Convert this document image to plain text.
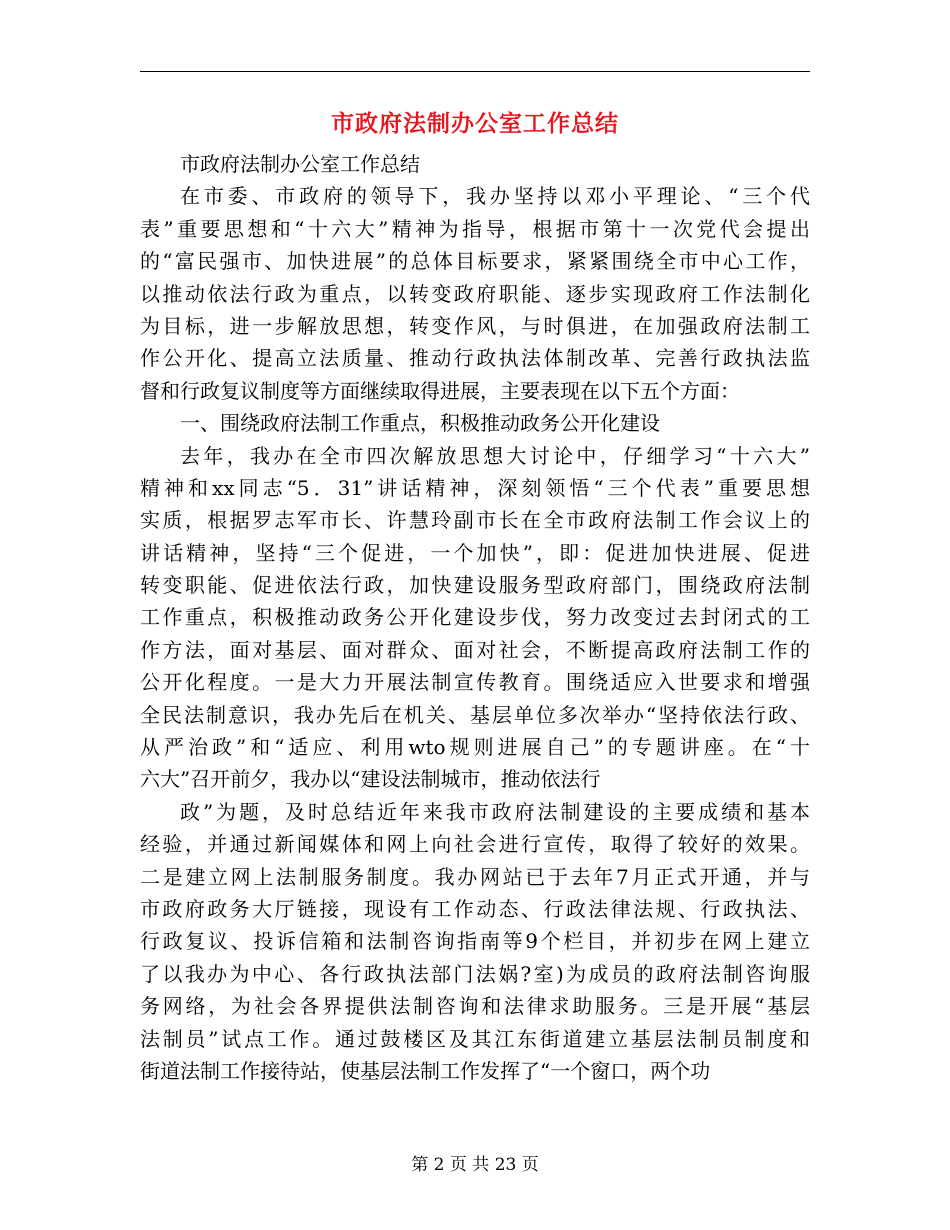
市政府法制办公室工作总结
市政府法制办公室工作总结
在市委、市政府的领导下，我办坚持以邓小平理论、“三个代
表”重要思想和“十六大”精神为指导，根据市第十一次党代会提出
的“富民强市、加快进展”的总体目标要求，紧紧围绕全市中心工作，
以推动依法行政为重点，以转变政府职能、逐步实现政府工作法制化
为目标，进一步解放思想，转变作风，与时俱进，在加强政府法制工
作公开化、提高立法质量、推动行政执法体制改革、完善行政执法监
督和行政复议制度等方面继续取得进展，主要表现在以下五个方面：
一、围绕政府法制工作重点，积极推动政务公开化建设
去年，我办在全市四次解放思想大讨论中，仔细学习“十六大”
精神和xx同志“5．31”讲话精神，深刻领悟“三个代表”重要思想
实质，根据罗志军市长、许慧玲副市长在全市政府法制工作会议上的
讲话精神，坚持“三个促进，一个加快”，即：促进加快进展、促进
转变职能、促进依法行政，加快建设服务型政府部门，围绕政府法制
工作重点，积极推动政务公开化建设步伐，努力改变过去封闭式的工
作方法，面对基层、面对群众、面对社会，不断提高政府法制工作的
公开化程度。一是大力开展法制宣传教育。围绕适应入世要求和增强
全民法制意识，我办先后在机关、基层单位多次举办“坚持依法行政、
从严治政”和“适应、利用wto规则进展自己”的专题讲座。在“十
六大”召开前夕，我办以“建设法制城市，推动依法行
政”为题，及时总结近年来我市政府法制建设的主要成绩和基本
经验，并通过新闻媒体和网上向社会进行宣传，取得了较好的效果。
二是建立网上法制服务制度。我办网站已于去年7月正式开通，并与
市政府政务大厅链接，现设有工作动态、行政法律法规、行政执法、
行政复议、投诉信箱和法制咨询指南等9个栏目，并初步在网上建立
了以我办为中心、各行政执法部门法娲?室)为成员的政府法制咨询服
务网络，为社会各界提供法制咨询和法律求助服务。三是开展“基层
法制员”试点工作。通过鼓楼区及其江东街道建立基层法制员制度和
街道法制工作接待站，使基层法制工作发挥了“一个窗口，两个功
第 2 页 共 23 页
